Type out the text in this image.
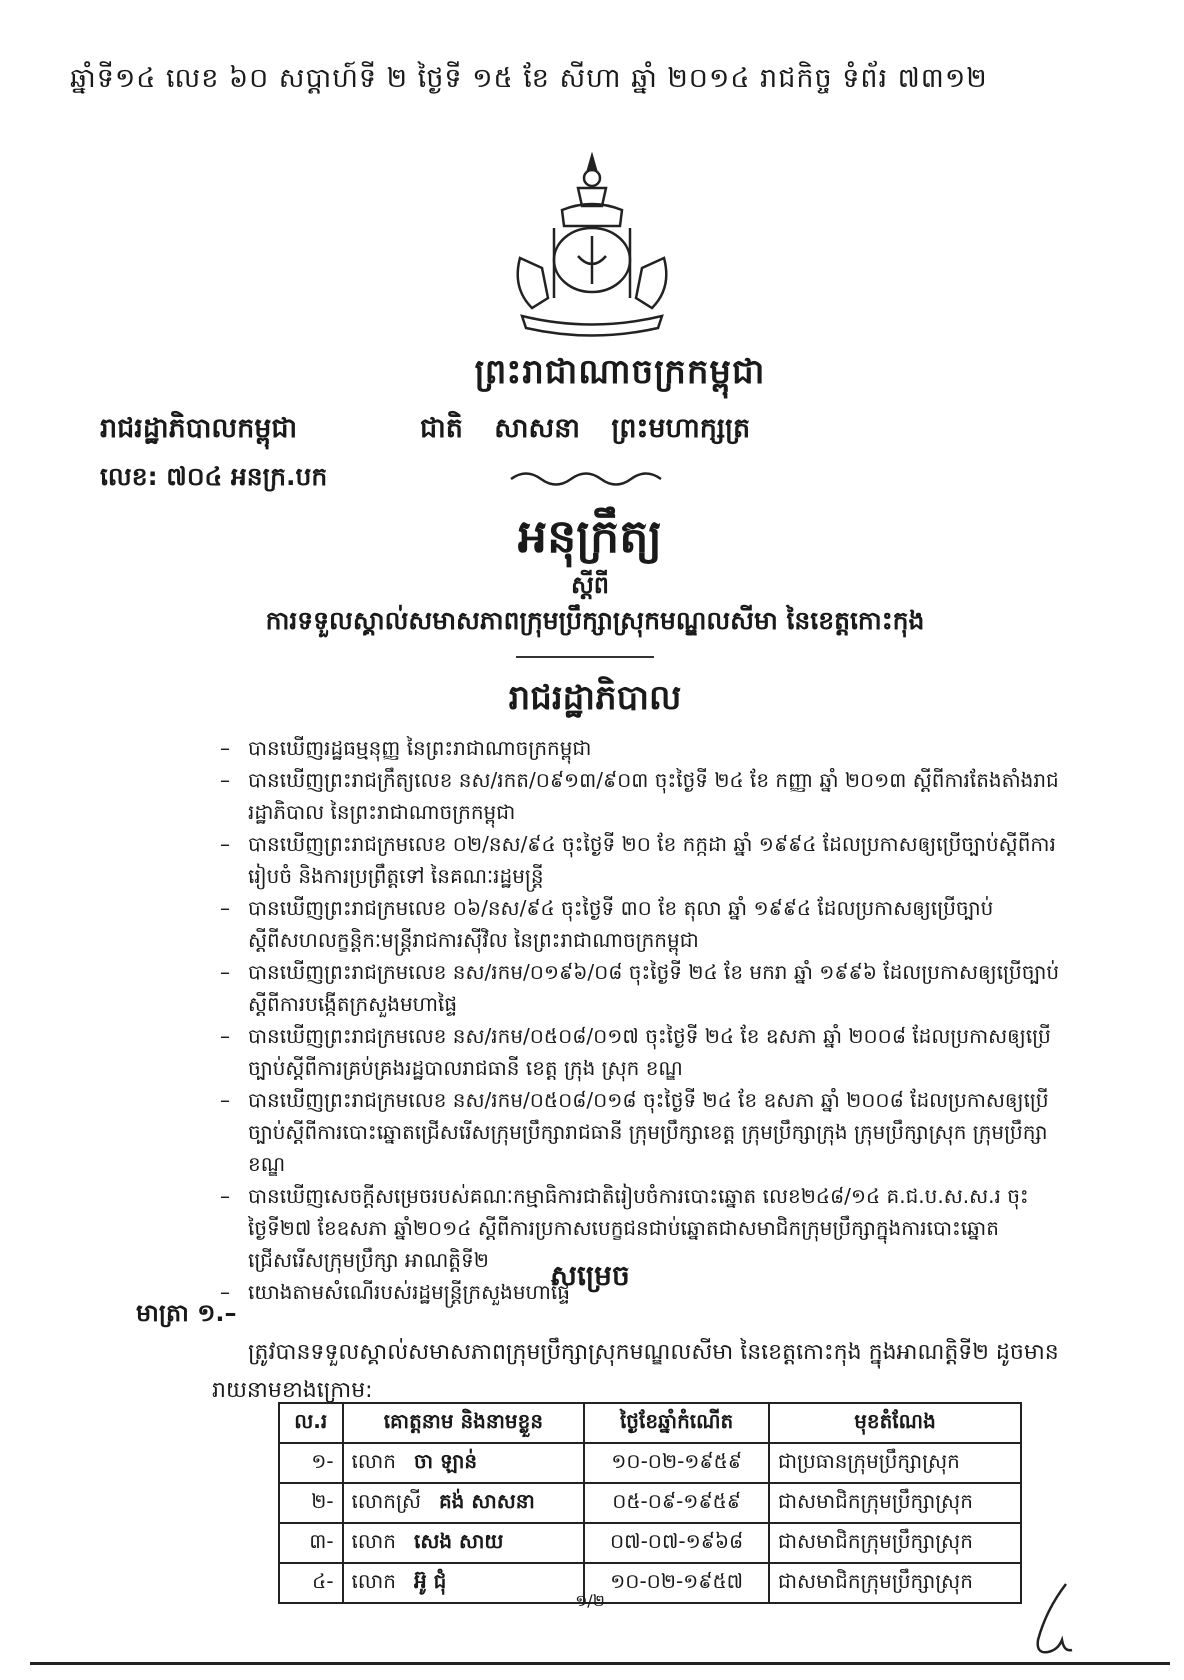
ឆ្នាំទី១៤ លេខ ៦០ សប្តាហ៍ទី ២ ថ្ងៃទី ១៥ ខែ សីហា ឆ្នាំ ២០១៤ រាជកិច្ច ទំព័រ ៧៣១២
ព្រះរាជាណាចក្រកម្ពុជា
រាជរដ្ឋាភិបាលកម្ពុជា	ជាតិ សាសនា ព្រះមហាក្សត្រ
លេខ: ៧០៤ អនក្រ.បក
អនុក្រឹត្យ
ស្តីពី
ការទទួលស្គាល់សមាសភាពក្រុមប្រឹក្សាស្រុកមណ្ឌលសីមា នៃខេត្តកោះកុង
រាជរដ្ឋាភិបាល
– បានឃើញរដ្ឋធម្មនុញ្ញ នៃព្រះរាជាណាចក្រកម្ពុជា
– បានឃើញព្រះរាជក្រឹត្យលេខ នស/រកត/០៩១៣/៩០៣ ចុះថ្ងៃទី ២៤ ខែ កញ្ញា ឆ្នាំ ២០១៣ ស្តីពីការតែងតាំងរាជរដ្ឋាភិបាល នៃព្រះរាជាណាចក្រកម្ពុជា
– បានឃើញព្រះរាជក្រមលេខ ០២/នស/៩៤ ចុះថ្ងៃទី ២០ ខែ កក្កដា ឆ្នាំ ១៩៩៤ ដែលប្រកាសឲ្យប្រើច្បាប់ស្តីពីការរៀបចំ និងការប្រព្រឹត្តទៅ នៃគណៈរដ្ឋមន្ត្រី
– បានឃើញព្រះរាជក្រមលេខ ០៦/នស/៩៤ ចុះថ្ងៃទី ៣០ ខែ តុលា ឆ្នាំ ១៩៩៤ ដែលប្រកាសឲ្យប្រើច្បាប់ស្តីពីសហលក្ខន្តិកៈមន្ត្រីរាជការស៊ីវិល នៃព្រះរាជាណាចក្រកម្ពុជា
– បានឃើញព្រះរាជក្រមលេខ នស/រកម/០១៩៦/០៨ ចុះថ្ងៃទី ២៤ ខែ មករា ឆ្នាំ ១៩៩៦ ដែលប្រកាសឲ្យប្រើច្បាប់ស្តីពីការបង្កើតក្រសួងមហាផ្ទៃ
– បានឃើញព្រះរាជក្រមលេខ នស/រកម/០៥០៨/០១៧ ចុះថ្ងៃទី ២៤ ខែ ឧសភា ឆ្នាំ ២០០៨ ដែលប្រកាសឲ្យប្រើច្បាប់ស្តីពីការគ្រប់គ្រងរដ្ឋបាលរាជធានី ខេត្ត ក្រុង ស្រុក ខណ្ឌ
– បានឃើញព្រះរាជក្រមលេខ នស/រកម/០៥០៨/០១៨ ចុះថ្ងៃទី ២៤ ខែ ឧសភា ឆ្នាំ ២០០៨ ដែលប្រកាសឲ្យប្រើច្បាប់ស្តីពីការបោះឆ្នោតជ្រើសរើសក្រុមប្រឹក្សារាជធានី ក្រុមប្រឹក្សាខេត្ត ក្រុមប្រឹក្សាក្រុង ក្រុមប្រឹក្សាស្រុក ក្រុមប្រឹក្សាខណ្ឌ
– បានឃើញសេចក្តីសម្រេចរបស់គណៈកម្មាធិការជាតិរៀបចំការបោះឆ្នោត លេខ២៤៨/១៤ គ.ជ.ប.ស.ស.រ ចុះថ្ងៃទី២៧ ខែឧសភា ឆ្នាំ២០១៤ ស្តីពីការប្រកាសបេក្ខជនជាប់ឆ្នោតជាសមាជិកក្រុមប្រឹក្សាក្នុងការបោះឆ្នោតជ្រើសរើសក្រុមប្រឹក្សា អាណត្តិទី២
– យោងតាមសំណើរបស់រដ្ឋមន្ត្រីក្រសួងមហាផ្ទៃ
សម្រេច
មាត្រា ១.–
ត្រូវបានទទួលស្គាល់សមាសភាពក្រុមប្រឹក្សាស្រុកមណ្ឌលសីមា នៃខេត្តកោះកុង ក្នុងអាណត្តិទី២ ដូចមានរាយនាមខាងក្រោម:
ល.រ	គោត្តនាម និងនាមខ្លួន	ថ្ងៃខែឆ្នាំកំណើត	មុខតំណែង
១-	លោក ចា ឡាន់	១០-០២-១៩៥៩	ជាប្រធានក្រុមប្រឹក្សាស្រុក
២-	លោកស្រី គង់ សាសនា	០៥-០៩-១៩៥៩	ជាសមាជិកក្រុមប្រឹក្សាស្រុក
៣-	លោក សេង សាយ	០៧-០៧-១៩៦៨	ជាសមាជិកក្រុមប្រឹក្សាស្រុក
៤-	លោក អ៊ូ ជុំ	១០-០២-១៩៥៧	ជាសមាជិកក្រុមប្រឹក្សាស្រុក
១/២
